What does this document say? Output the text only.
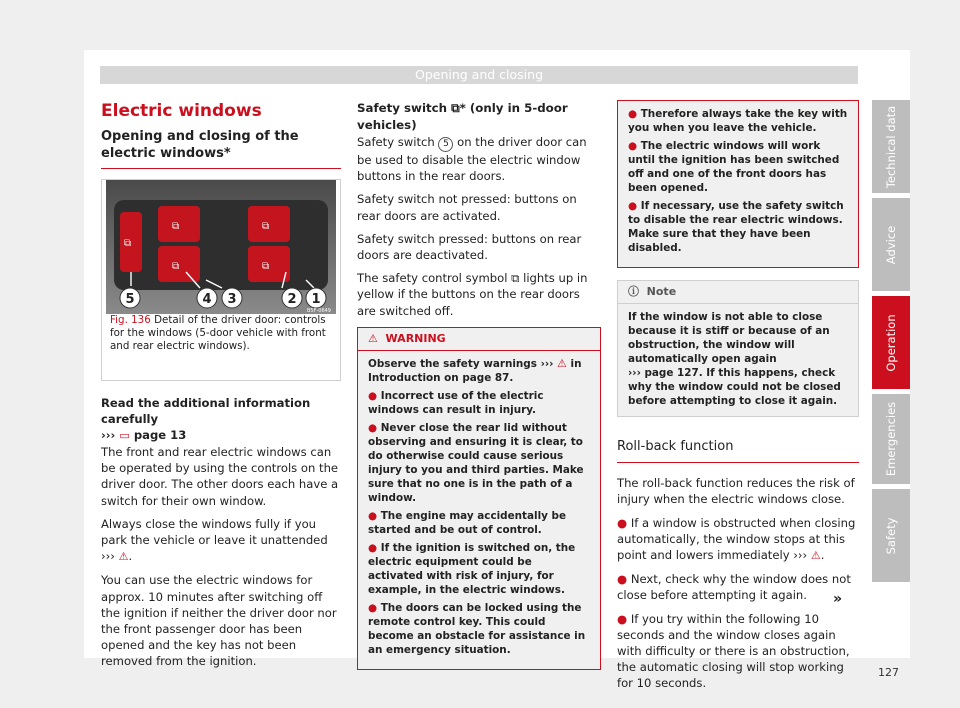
Opening and closing
Technical data
Advice
Operation
Emergencies
Safety
Electric windows
Opening and closing of the electric windows*
⧉
⧉
⧉
⧉
⧉
5	4 3	2 1
B5F-0649
Fig. 136 Detail of the driver door: controls for the windows (5-door vehicle with front and rear electric windows).

Read the additional information carefully
››› ▭ page 13

The front and rear electric windows can be operated by using the controls on the driver door. The other doors each have a switch for their own window.

Always close the windows fully if you park the vehicle or leave it unattended ››› ⚠.

You can use the electric windows for approx. 10 minutes after switching off the ignition if neither the driver door nor the front passenger door has been opened and the key has not been removed from the ignition.

Safety switch ⧉* (only in 5-door vehicles)

Safety switch 5 on the driver door can be used to disable the electric window buttons in the rear doors.

Safety switch not pressed: buttons on rear doors are activated.

Safety switch pressed: buttons on rear doors are deactivated.

The safety control symbol ⧉ lights up in yellow if the buttons on the rear doors are switched off.

⚠ WARNING
Observe the safety warnings ››› ⚠ in Introduction on page 87.
● Incorrect use of the electric windows can result in injury.
● Never close the rear lid without observing and ensuring it is clear, to do otherwise could cause serious injury to you and third parties. Make sure that no one is in the path of a window.
● The engine may accidentally be started and be out of control.
● If the ignition is switched on, the electric equipment could be activated with risk of injury, for example, in the electric windows.
● The doors can be locked using the remote control key. This could become an obstacle for assistance in an emergency situation.
● Therefore always take the key with you when you leave the vehicle.
● The electric windows will work until the ignition has been switched off and one of the front doors has been opened.
● If necessary, use the safety switch to disable the rear electric windows. Make sure that they have been disabled.
ⓘ Note
If the window is not able to close because it is stiff or because of an obstruction, the window will automatically open again
››› page 127. If this happens, check why the window could not be closed before attempting to close it again.
Roll-back function

The roll-back function reduces the risk of injury when the electric windows close.

● If a window is obstructed when closing automatically, the window stops at this point and lowers immediately ››› ⚠.

● Next, check why the window does not close before attempting it again.

● If you try within the following 10 seconds and the window closes again with difficulty or there is an obstruction, the automatic closing will stop working for 10 seconds.

»
127
